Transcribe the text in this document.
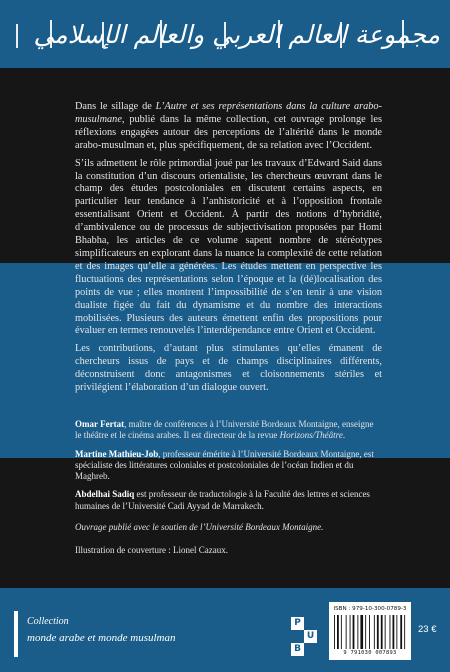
مجموعة العالم العربي والعالم الإسلامي

Dans le sillage de L’Autre et ses représentations dans la culture arabo-musulmane, publié dans la même collection, cet ouvrage prolonge les réflexions engagées autour des perceptions de l’altérité dans le monde arabo-musulman et, plus spécifiquement, de sa relation avec l’Occident.

S’ils admettent le rôle primordial joué par les travaux d’Edward Said dans la constitution d’un discours orientaliste, les chercheurs œuvrant dans le champ des études postcoloniales en discutent certains aspects, en particulier leur tendance à l’anhistoricité et à l’opposition frontale essentialisant Orient et Occident. À partir des notions d’hybridité, d’ambivalence ou de processus de subjectivisation proposées par Homi Bhabha, les articles de ce volume sapent nombre de stéréotypes simplificateurs en explorant dans la nuance la complexité de cette relation et des images qu’elle a générées. Les études mettent en perspective les fluctuations des représentations selon l’époque et la (dé)localisation des points de vue ; elles montrent l’impossibilité de s’en tenir à une vision dualiste figée du fait du dynamisme et du nombre des interactions mobilisées. Plusieurs des auteurs émettent enfin des propositions pour évaluer en termes renouvelés l’interdépendance entre Orient et Occident.

Les contributions, d’autant plus stimulantes qu’elles émanent de chercheurs issus de pays et de champs disciplinaires différents, déconstruisent donc antagonismes et cloisonnements stériles et privilégient l’élaboration d’un dialogue ouvert.

Omar Fertat, maître de conférences à l’Université Bordeaux Montaigne, enseigne le théâtre et le cinéma arabes. Il est directeur de la revue Horizons/Théâtre.

Martine Mathieu-Job, professeur émérite à l’Université Bordeaux Montaigne, est spécialiste des littératures coloniales et postcoloniales de l’océan Indien et du Maghreb.

Abdelhai Sadiq est professeur de traductologie à la Faculté des lettres et sciences humaines de l’Université Cadi Ayyad de Marrakech.

Ouvrage publié avec le soutien de l’Université Bordeaux Montaigne.

Illustration de couverture : Lionel Cazaux.

Collection
monde arabe et monde musulman
P
U
B
ISBN : 979-10-300-0789-3
9 791030 007893
23 €
